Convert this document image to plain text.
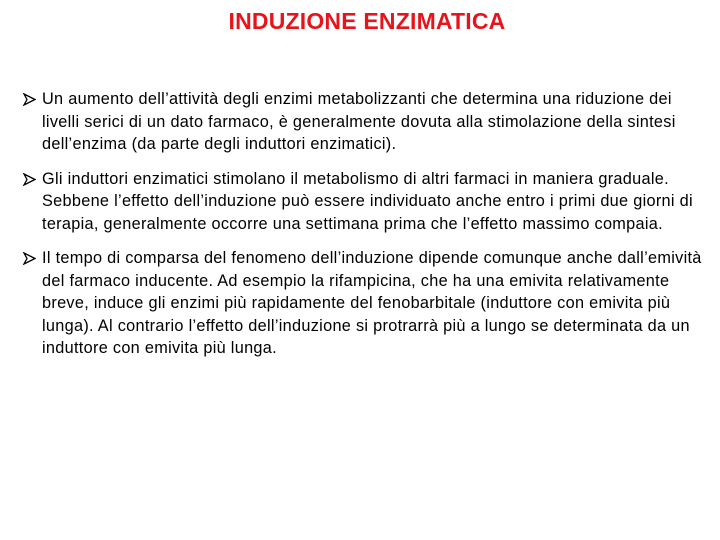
INDUZIONE ENZIMATICA
Un aumento dell’attività degli enzimi metabolizzanti che determina una riduzione dei livelli serici di un dato farmaco, è generalmente dovuta alla stimolazione della sintesi dell’enzima (da parte degli induttori enzimatici).
Gli induttori enzimatici stimolano il metabolismo di altri farmaci in maniera graduale. Sebbene l’effetto dell’induzione può essere individuato anche entro i primi due giorni di terapia, generalmente occorre una settimana prima che l’effetto massimo compaia.
Il tempo di comparsa del fenomeno dell’induzione dipende comunque anche dall’emività del farmaco inducente. Ad esempio la rifampicina, che ha una emivita relativamente breve, induce gli enzimi più rapidamente del fenobarbitale (induttore con emivita più lunga). Al contrario l’effetto dell’induzione si protrarrà più a lungo se determinata da un induttore con emivita più lunga.
